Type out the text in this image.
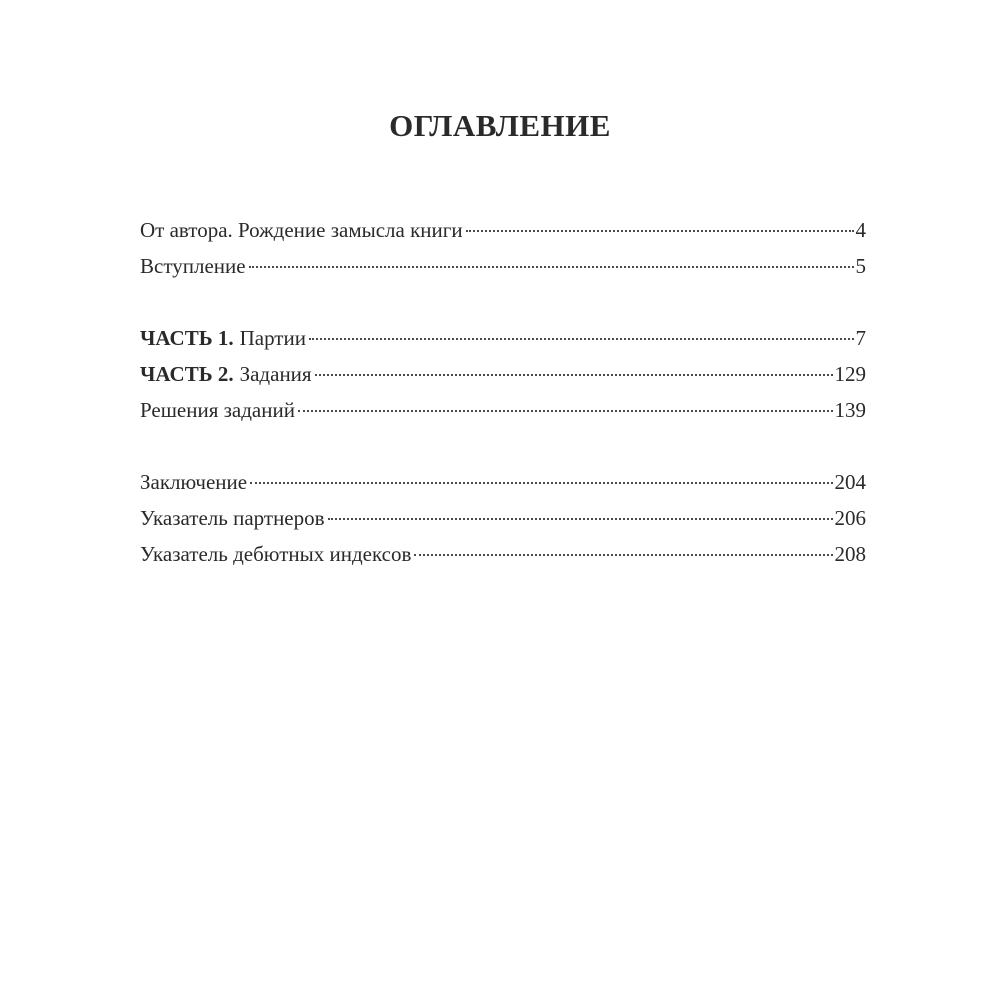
ОГЛАВЛЕНИЕ
От автора. Рождение замысла книги	4
Вступление	5
ЧАСТЬ 1. Партии	7
ЧАСТЬ 2. Задания	129
Решения заданий	139
Заключение	204
Указатель партнеров	206
Указатель дебютных индексов	208
